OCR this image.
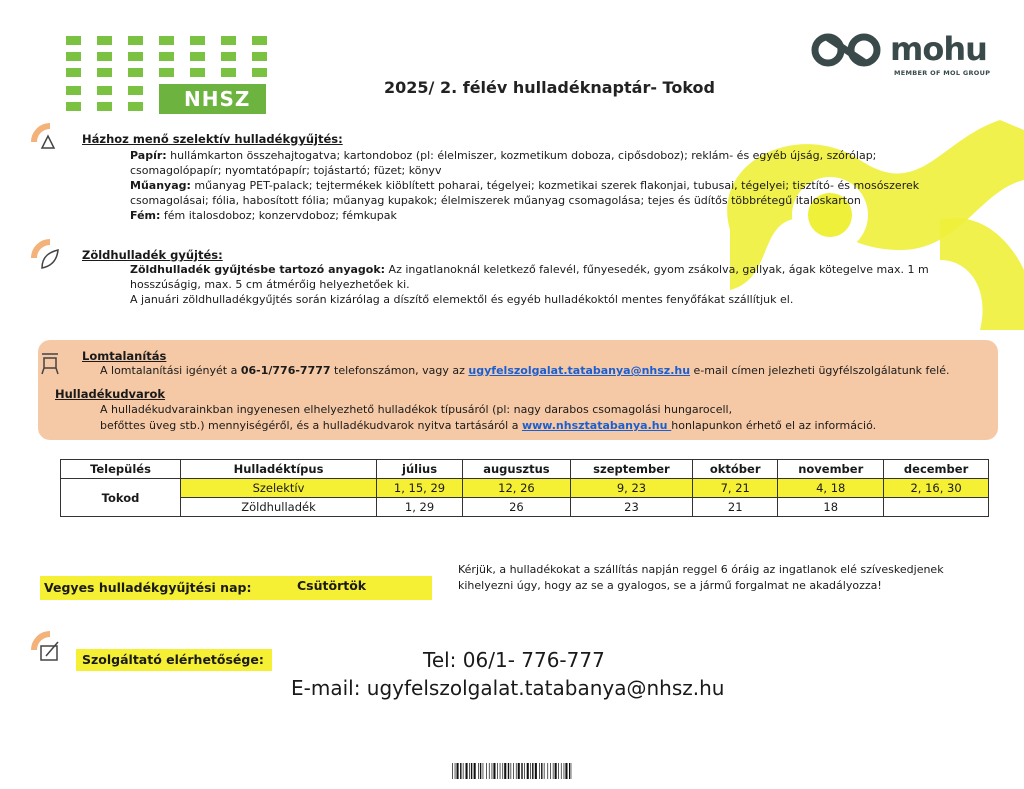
NHSZ
mohu
MEMBER OF MOL GROUP
2025/ 2. félév hulladéknaptár- Tokod
Házhoz menő szelektív hulladékgyűjtés:
Papír: hullámkarton összehajtogatva; kartondoboz (pl: élelmiszer, kozmetikum doboza, cipősdoboz); reklám- és egyéb újság, szórólap;
csomagolópapír; nyomtatópapír; tojástartó; füzet; könyv
Műanyag: műanyag PET-palack; tejtermékek kiöblített poharai, tégelyei; kozmetikai szerek flakonjai, tubusai, tégelyei; tisztító- és mosószerek
csomagolásai; fólia, habosított fólia; műanyag kupakok; élelmiszerek műanyag csomagolása; tejes és üdítős többrétegű italoskarton
Fém: fém italosdoboz; konzervdoboz; fémkupak
Zöldhulladék gyűjtés:
Zöldhulladék gyűjtésbe tartozó anyagok: Az ingatlanoknál keletkező falevél, fűnyesedék, gyom zsákolva, gallyak, ágak kötegelve max. 1 m
hosszúságig, max. 5 cm átmérőig helyezhetőek ki.
A januári zöldhulladékgyűjtés során kizárólag a díszítő elemektől és egyéb hulladékoktól mentes fenyőfákat szállítjuk el.
Lomtalanítás
A lomtalanítási igényét a 06-1/776-7777 telefonszámon, vagy az ugyfelszolgalat.tatabanya@nhsz.hu e-mail címen jelezheti ügyfélszolgálatunk felé.
Hulladékudvarok
A hulladékudvarainkban ingyenesen elhelyezhető hulladékok típusáról (pl: nagy darabos csomagolási hungarocell,
befőttes üveg stb.) mennyiségéről, és a hulladékudvarok nyitva tartásáról a www.nhsztatabanya.hu honlapunkon érhető el az információ.
Település	Hulladéktípus	július	augusztus	szeptember	október	november	december
Tokod	Szelektív	1, 15, 29	12, 26	9, 23	7, 21	4, 18	2, 16, 30
	Zöldhulladék	1, 29	26	23	21	18	
Vegyes hulladékgyűjtési nap:	Csütörtök
Kérjük, a hulladékokat a szállítás napján reggel 6 óráig az ingatlanok elé szíveskedjenek kihelyezni úgy, hogy az se a gyalogos, se a jármű forgalmat ne akadályozza!
Szolgáltató elérhetősége:	Tel: 06/1- 776-777
E-mail: ugyfelszolgalat.tatabanya@nhsz.hu
